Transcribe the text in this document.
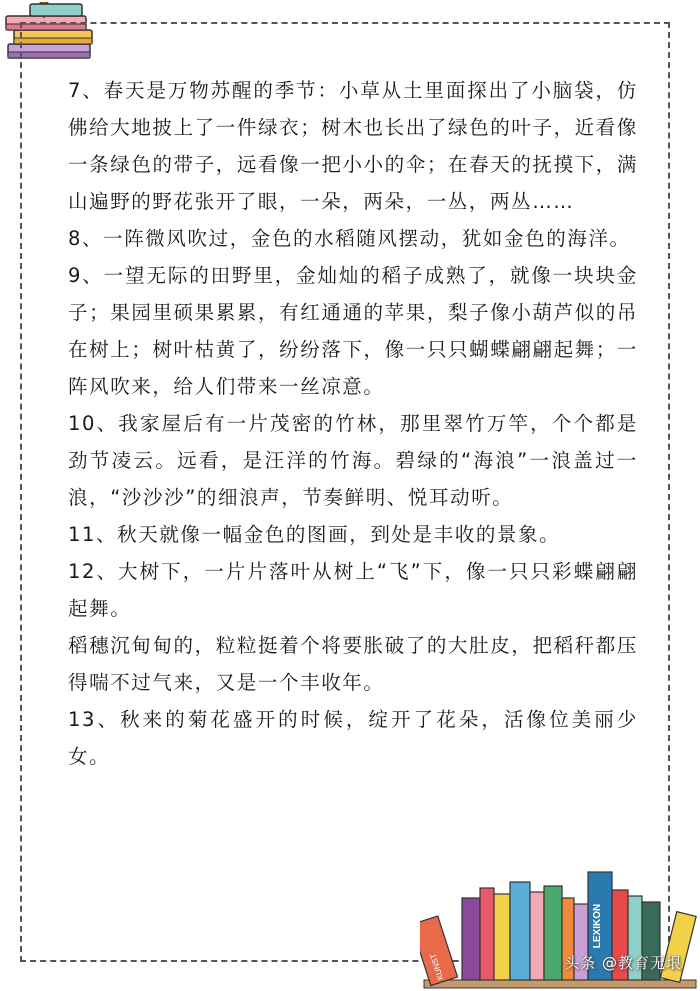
7、春天是万物苏醒的季节：小草从土里面探出了小脑袋，仿佛给大地披上了一件绿衣；树木也长出了绿色的叶子，近看像一条绿色的带子，远看像一把小小的伞；在春天的抚摸下，满山遍野的野花张开了眼，一朵，两朵，一丛，两丛……

8、一阵微风吹过，金色的水稻随风摆动，犹如金色的海洋。

9、一望无际的田野里，金灿灿的稻子成熟了，就像一块块金子；果园里硕果累累，有红通通的苹果，梨子像小葫芦似的吊在树上；树叶枯黄了，纷纷落下，像一只只蝴蝶翩翩起舞；一阵风吹来，给人们带来一丝凉意。

10、我家屋后有一片茂密的竹林，那里翠竹万竿，个个都是劲节凌云。远看，是汪洋的竹海。碧绿的“海浪”一浪盖过一浪，“沙沙沙”的细浪声，节奏鲜明、悦耳动听。

11、秋天就像一幅金色的图画，到处是丰收的景象。

12、大树下，一片片落叶从树上“飞”下，像一只只彩蝶翩翩起舞。

稻穗沉甸甸的，粒粒挺着个将要胀破了的大肚皮，把稻秆都压得喘不过气来，又是一个丰收年。

13、秋来的菊花盛开的时候，绽开了花朵，活像位美丽少女。

KUNST
LEXIKON
头条 @教育无垠
